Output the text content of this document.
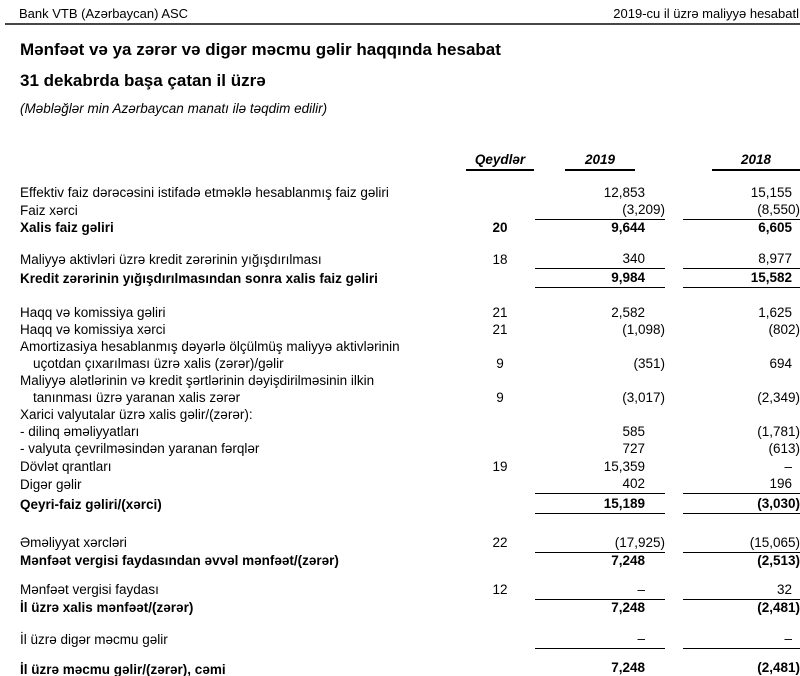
Bank VTB (Azərbaycan) ASC	2019-cu il üzrə maliyyə hesabatl
Mənfəət və ya zərər və digər məcmu gəlir haqqında hesabat
31 dekabrda başa çatan il üzrə
(Məbləğlər min Azərbaycan manatı ilə təqdim edilir)

	Qeydlər	2019		2018

Effektiv faiz dərəcəsini istifadə etməklə hesablanmış faiz gəliri		12,853		15,155
Faiz xərci		(3,209)		(8,550)
Xalis faiz gəliri	20	9,644		6,605

Maliyyə aktivləri üzrə kredit zərərinin yığışdırılması	18	340		8,977
Kredit zərərinin yığışdırılmasından sonra xalis faiz gəliri		9,984		15,582

Haqq və komissiya gəliri	21	2,582		1,625
Haqq və komissiya xərci	21	(1,098)		(802)
Amortizasiya hesablanmış dəyərlə ölçülmüş maliyyə aktivlərinin				
uçotdan çıxarılması üzrə xalis (zərər)/gəlir	9	(351)		694
Maliyyə alətlərinin və kredit şərtlərinin dəyişdirilməsinin ilkin				
tanınması üzrə yaranan xalis zərər	9	(3,017)		(2,349)
Xarici valyutalar üzrə xalis gəlir/(zərər):				
- dilinq əməliyyatları		585		(1,781)
- valyuta çevrilməsindən yaranan fərqlər		727		(613)
Dövlət qrantları	19	15,359		–
Digər gəlir		402		196
Qeyri-faiz gəliri/(xərci)		15,189		(3,030)

Əməliyyat xərcləri	22	(17,925)		(15,065)
Mənfəət vergisi faydasından əvvəl mənfəət/(zərər)		7,248		(2,513)

Mənfəət vergisi faydası	12	–		32
İl üzrə xalis mənfəət/(zərər)		7,248		(2,481)

İl üzrə digər məcmu gəlir		–		–

İl üzrə məcmu gəlir/(zərər), cəmi		7,248		(2,481)
